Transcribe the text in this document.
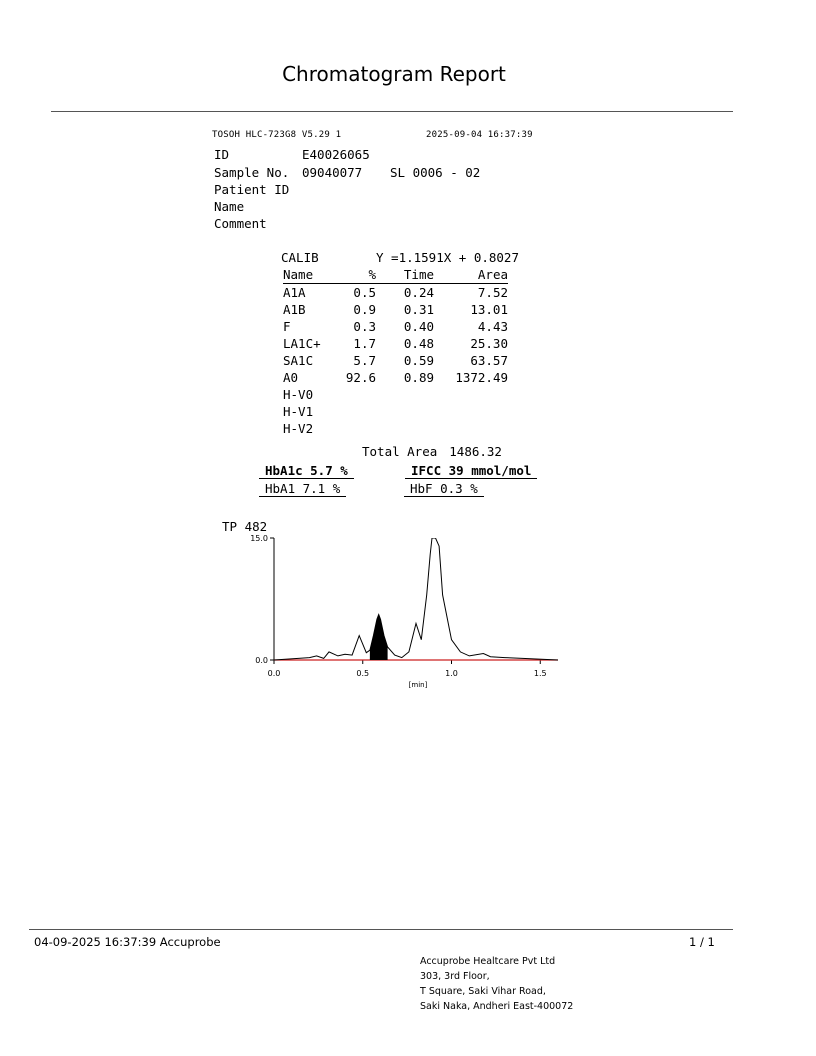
Chromatogram Report
TOSOH HLC-723G8 V5.29 1	2025-09-04 16:37:39
ID	E40026065
Sample No. 09040077 SL 0006 - 02
Patient ID
Name
Comment
CALIB	Y =1.1591X + 0.8027
Name	%	Time	Area
A1A	0.5	0.24	7.52
A1B	0.9	0.31	13.01
F	0.3	0.40	4.43
LA1C+	1.7	0.48	25.30
SA1C	5.7	0.59	63.57
A0	92.6	0.89	1372.49
H-V0			
H-V1			
H-V2			
Total Area 1486.32
HbA1c 5.7 %	IFCC 39 mmol/mol
HbA1 7.1 %	HbF 0.3 %
TP 482
0.0	0.5	1.0	1.5
0.0
15.0
[min]
04-09-2025 16:37:39 Accuprobe	1 / 1
Accuprobe Healtcare Pvt Ltd
303, 3rd Floor,
T Square, Saki Vihar Road,
Saki Naka, Andheri East-400072
